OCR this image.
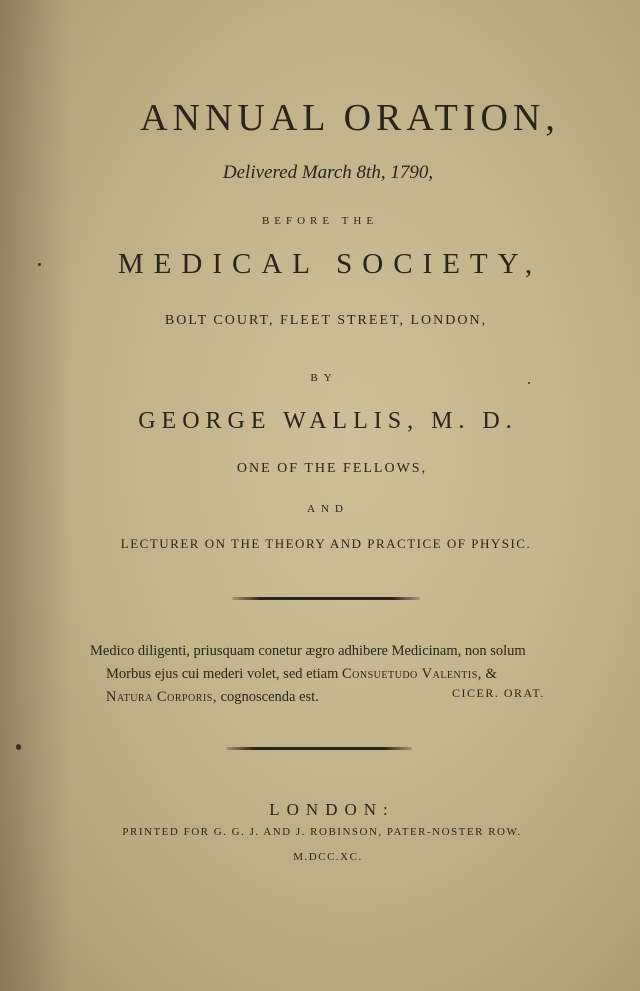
ANNUAL ORATION,

Delivered March 8th, 1790,

BEFORE THE

MEDICAL SOCIETY,

BOLT COURT, FLEET STREET, LONDON,

BY

GEORGE WALLIS, M. D.

ONE OF THE FELLOWS,

AND

LECTURER ON THE THEORY AND PRACTICE OF PHYSIC.

Medico diligenti, priusquam conetur ægro adhibere Medicinam, non solum
Morbus ejus cui mederi volet, sed etiam Consuetudo Valentis, &
Natura Corporis, cognoscenda est.	CICER. ORAT.

LONDON:

PRINTED FOR G. G. J. AND J. ROBINSON, PATER-NOSTER ROW.

M.DCC.XC.
